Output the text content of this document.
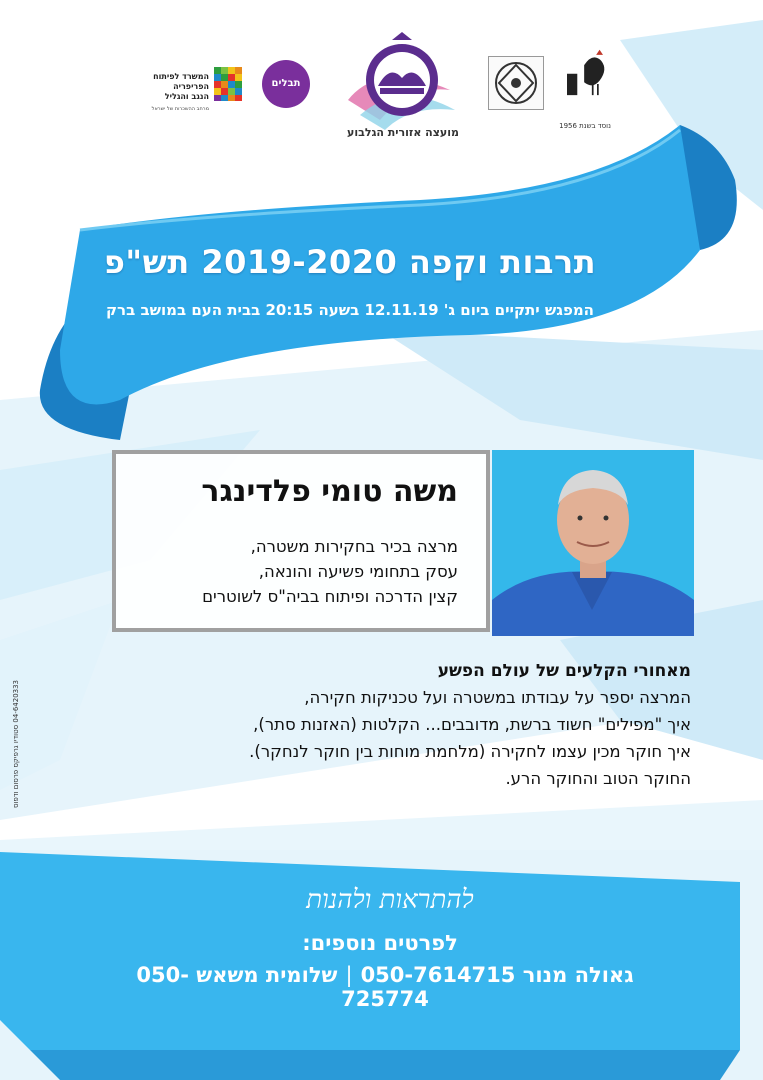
המשרד לפיתוח
הפריפריה
הנגב והגליל
מרחב ההשכרות של ישראל
תבלים
מועצה אזורית הגלבוע	נוסד בשנת 1956
תרבות וקפה 2019-2020 תש"פ
המפגש יתקיים ביום ג' 12.11.19 בשעה 20:15 בבית העם במושב ברק
משה טומי פלדינגר
מרצה בכיר בחקירות משטרה,
עסק בתחומי פשיעה והונאה,
קצין הדרכה ופיתוח בביה"ס לשוטרים
מאחורי הקלעים של עולם הפשע
המרצה יספר על עבודתו במשטרה ועל טכניקות חקירה,
איך "מפילים" חשוד ברשת, מדובבים... הקלטות (האזנות סתר),
איך חוקר מכין עצמו לחקירה (מלחמת מוחות בין חוקר לנחקר).
החוקר הטוב והחוקר הרע.
04-6420333 סטודיו גרפיקס פרסום ודפוס
להתראות ולהנות
לפרטים נוספים:
גאולה מנור 050-7614715|שלומית משאש 050-725774
